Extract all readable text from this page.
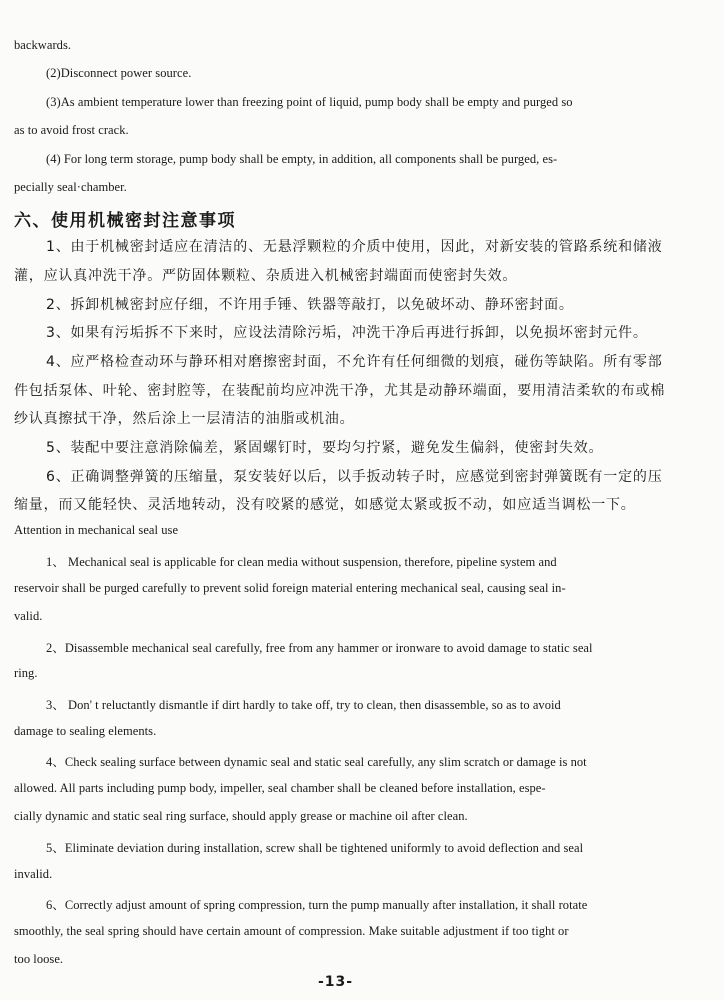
backwards.
(2)Disconnect power source.
(3)As ambient temperature lower than freezing point of liquid, pump body shall be empty and purged so
as to avoid frost crack.
(4) For long term storage, pump body shall be empty, in addition, all components shall be purged, es-
pecially seal·chamber.
六、使用机械密封注意事项
1、由于机械密封适应在清洁的、无悬浮颗粒的介质中使用，因此，对新安装的管路系统和储液
灌，应认真冲洗干净。严防固体颗粒、杂质进入机械密封端面而使密封失效。
2、拆卸机械密封应仔细，不许用手锤、铁器等敲打，以免破坏动、静环密封面。
3、如果有污垢拆不下来时，应设法清除污垢，冲洗干净后再进行拆卸，以免损坏密封元件。
4、应严格检查动环与静环相对磨擦密封面，不允许有任何细微的划痕，碰伤等缺陷。所有零部
件包括泵体、叶轮、密封腔等，在装配前均应冲洗干净，尤其是动静环端面，要用清洁柔软的布或棉
纱认真擦拭干净，然后涂上一层清洁的油脂或机油。
5、装配中要注意消除偏差，紧固螺钉时，要均匀拧紧，避免发生偏斜，使密封失效。
6、正确调整弹簧的压缩量，泵安装好以后，以手扳动转子时，应感觉到密封弹簧既有一定的压
缩量，而又能轻快、灵活地转动，没有咬紧的感觉，如感觉太紧或扳不动，如应适当调松一下。
Attention in mechanical seal use
1、 Mechanical seal is applicable for clean media without suspension, therefore, pipeline system and
reservoir shall be purged carefully to prevent solid foreign material entering mechanical seal, causing seal in-
valid.
2、Disassemble mechanical seal carefully, free from any hammer or ironware to avoid damage to static seal
ring.
3、 Don' t reluctantly dismantle if dirt hardly to take off, try to clean, then disassemble, so as to avoid
damage to sealing elements.
4、Check sealing surface between dynamic seal and static seal carefully, any slim scratch or damage is not
allowed. All parts including pump body, impeller, seal chamber shall be cleaned before installation, espe-
cially dynamic and static seal ring surface, should apply grease or machine oil after clean.
5、Eliminate deviation during installation, screw shall be tightened uniformly to avoid deflection and seal
invalid.
6、Correctly adjust amount of spring compression, turn the pump manually after installation, it shall rotate
smoothly, the seal spring should have certain amount of compression. Make suitable adjustment if too tight or
too loose.
-13-
